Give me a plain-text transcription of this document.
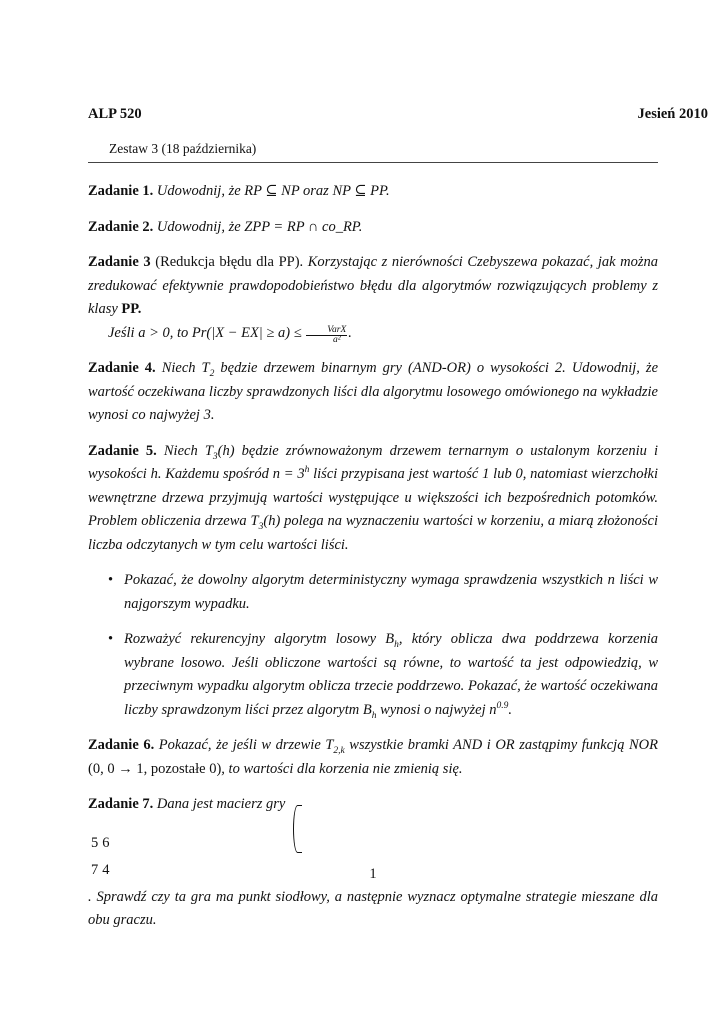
ALP 520	Jesień 2010
Zestaw 3 (18 października)

Zadanie 1. Udowodnij, że RP ⊆ NP oraz NP ⊆ PP.

Zadanie 2. Udowodnij, że ZPP = RP ∩ co_RP.

Zadanie 3 (Redukcja błędu dla PP). Korzystając z nierówności Czebyszewa pokazać, jak można zredukować efektywnie prawdopodobieństwo błędu dla algorytmów rozwiązujących problemy z klasy PP.
Jeśli a > 0, to $Pr(|X - EX| \ge a) \le \frac{\text{VarX}}{\text{a²}}$ .

Zadanie 4. Niech $T_2$ będzie drzewem binarnym gry (AND-OR) o wysokości 2. Udowodnij, że wartość oczekiwana liczby sprawdzonych liści dla algorytmu losowego omówionego na wykładzie wynosi co najwyżej 3.

Zadanie 5. Niech $T_3(h)$ będzie zrównoważonym drzewem ternarnym o ustalonym korzeniu i wysokości h. Każdemu spośród $n = 3^h$ liści przypisana jest wartość 1 lub 0, natomiast wierzchołki wewnętrzne drzewa przyjmują wartości występujące u większości ich bezpośrednich potomków. Problem obliczenia drzewa $T_3(h)$ polega na wyznaczeniu wartości w korzeniu, a miarą złożoności liczba odczytanych w tym celu wartości liści.
• Pokazać, że dowolny algorytm deterministyczny wymaga sprawdzenia wszystkich n liści w najgorszym wypadku.
• Rozważyć rekurencyjny algorytm losowy $B_h$, który oblicza dwa poddrzewa korzenia wybrane losowo. Jeśli obliczone wartości są równe, to wartość ta jest odpowiedzią, w przeciwnym wypadku algorytm oblicza trzecie poddrzewo. Pokazać, że wartość oczekiwana liczby sprawdzonym liści przez algorytm $B_h$ wynosi o najwyżej $n^{0.9}$.

Zadanie 6. Pokazać, że jeśli w drzewie $T_{2,k}$ wszystkie bramki AND i OR zastąpimy funkcją NOR (0, 0 → 1, pozostałe 0), to wartości dla korzenia nie zmienią się.

Zadanie 7. Dana jest macierz gry

5	6
7	4
. Sprawdź czy ta gra ma punkt siodłowy, a następnie wyznacz optymalne strategie mieszane dla obu graczu.

1
